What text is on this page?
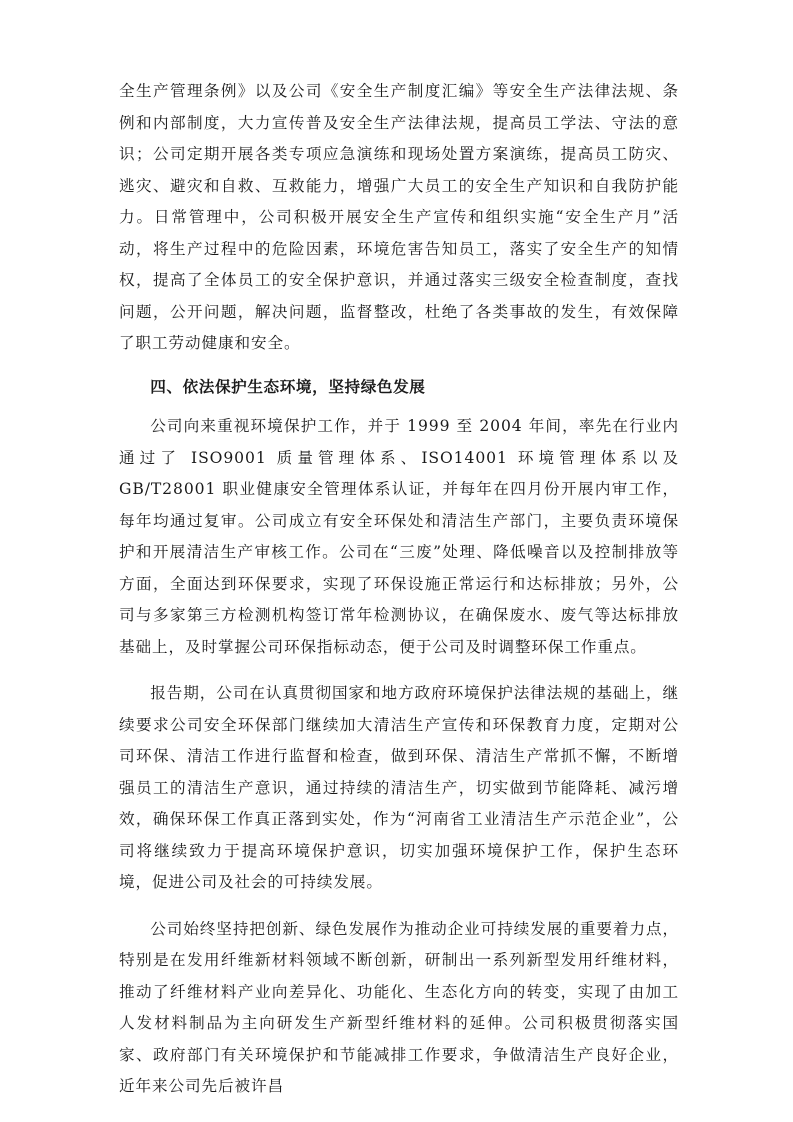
全生产管理条例》以及公司《安全生产制度汇编》等安全生产法律法规、条例和内部制度，大力宣传普及安全生产法律法规，提高员工学法、守法的意识；公司定期开展各类专项应急演练和现场处置方案演练，提高员工防灾、逃灾、避灾和自救、互救能力，增强广大员工的安全生产知识和自我防护能力。日常管理中，公司积极开展安全生产宣传和组织实施“安全生产月”活动，将生产过程中的危险因素，环境危害告知员工，落实了安全生产的知情权，提高了全体员工的安全保护意识，并通过落实三级安全检查制度，查找问题，公开问题，解决问题，监督整改，杜绝了各类事故的发生，有效保障了职工劳动健康和安全。

四、依法保护生态环境，坚持绿色发展

公司向来重视环境保护工作，并于 1999 至 2004 年间，率先在行业内通过了 ISO9001 质量管理体系、ISO14001 环境管理体系以及 GB/T28001 职业健康安全管理体系认证，并每年在四月份开展内审工作，每年均通过复审。公司成立有安全环保处和清洁生产部门，主要负责环境保护和开展清洁生产审核工作。公司在“三废”处理、降低噪音以及控制排放等方面，全面达到环保要求，实现了环保设施正常运行和达标排放；另外，公司与多家第三方检测机构签订常年检测协议，在确保废水、废气等达标排放基础上，及时掌握公司环保指标动态，便于公司及时调整环保工作重点。

报告期，公司在认真贯彻国家和地方政府环境保护法律法规的基础上，继续要求公司安全环保部门继续加大清洁生产宣传和环保教育力度，定期对公司环保、清洁工作进行监督和检查，做到环保、清洁生产常抓不懈，不断增强员工的清洁生产意识，通过持续的清洁生产，切实做到节能降耗、减污增效，确保环保工作真正落到实处，作为“河南省工业清洁生产示范企业”，公司将继续致力于提高环境保护意识，切实加强环境保护工作，保护生态环境，促进公司及社会的可持续发展。

公司始终坚持把创新、绿色发展作为推动企业可持续发展的重要着力点，特别是在发用纤维新材料领域不断创新，研制出一系列新型发用纤维材料，推动了纤维材料产业向差异化、功能化、生态化方向的转变，实现了由加工人发材料制品为主向研发生产新型纤维材料的延伸。公司积极贯彻落实国家、政府部门有关环境保护和节能减排工作要求，争做清洁生产良好企业，近年来公司先后被许昌
